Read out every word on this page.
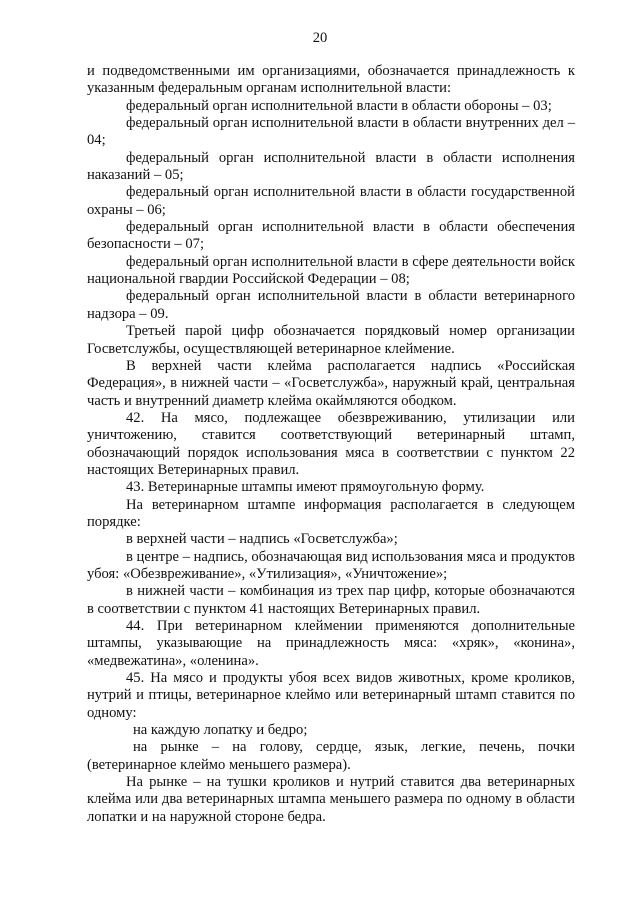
20

и подведомственными им организациями, обозначается принадлежность к указанным федеральным органам исполнительной власти:

федеральный орган исполнительной власти в области обороны – 03;

федеральный орган исполнительной власти в области внутренних дел – 04;

федеральный орган исполнительной власти в области исполнения наказаний – 05;

федеральный орган исполнительной власти в области государственной охраны – 06;

федеральный орган исполнительной власти в области обеспечения безопасности – 07;

федеральный орган исполнительной власти в сфере деятельности войск национальной гвардии Российской Федерации – 08;

федеральный орган исполнительной власти в области ветеринарного надзора – 09.

Третьей парой цифр обозначается порядковый номер организации Госветслужбы, осуществляющей ветеринарное клеймение.

В верхней части клейма располагается надпись «Российская Федерация», в нижней части – «Госветслужба», наружный край, центральная часть и внутренний диаметр клейма окаймляются ободком.

42. На мясо, подлежащее обезвреживанию, утилизации или уничтожению, ставится соответствующий ветеринарный штамп, обозначающий порядок использования мяса в соответствии с пунктом 22 настоящих Ветеринарных правил.

43. Ветеринарные штампы имеют прямоугольную форму.

На ветеринарном штампе информация располагается в следующем порядке:

в верхней части – надпись «Госветслужба»;

в центре – надпись, обозначающая вид использования мяса и продуктов убоя: «Обезвреживание», «Утилизация», «Уничтожение»;

в нижней части – комбинация из трех пар цифр, которые обозначаются в соответствии с пунктом 41 настоящих Ветеринарных правил.

44. При ветеринарном клеймении применяются дополнительные штампы, указывающие на принадлежность мяса: «хряк», «конина», «медвежатина», «оленина».

45. На мясо и продукты убоя всех видов животных, кроме кроликов, нутрий и птицы, ветеринарное клеймо или ветеринарный штамп ставится по одному:

на каждую лопатку и бедро;

на рынке – на голову, сердце, язык, легкие, печень, почки (ветеринарное клеймо меньшего размера).

На рынке – на тушки кроликов и нутрий ставится два ветеринарных клейма или два ветеринарных штампа меньшего размера по одному в области лопатки и на наружной стороне бедра.
